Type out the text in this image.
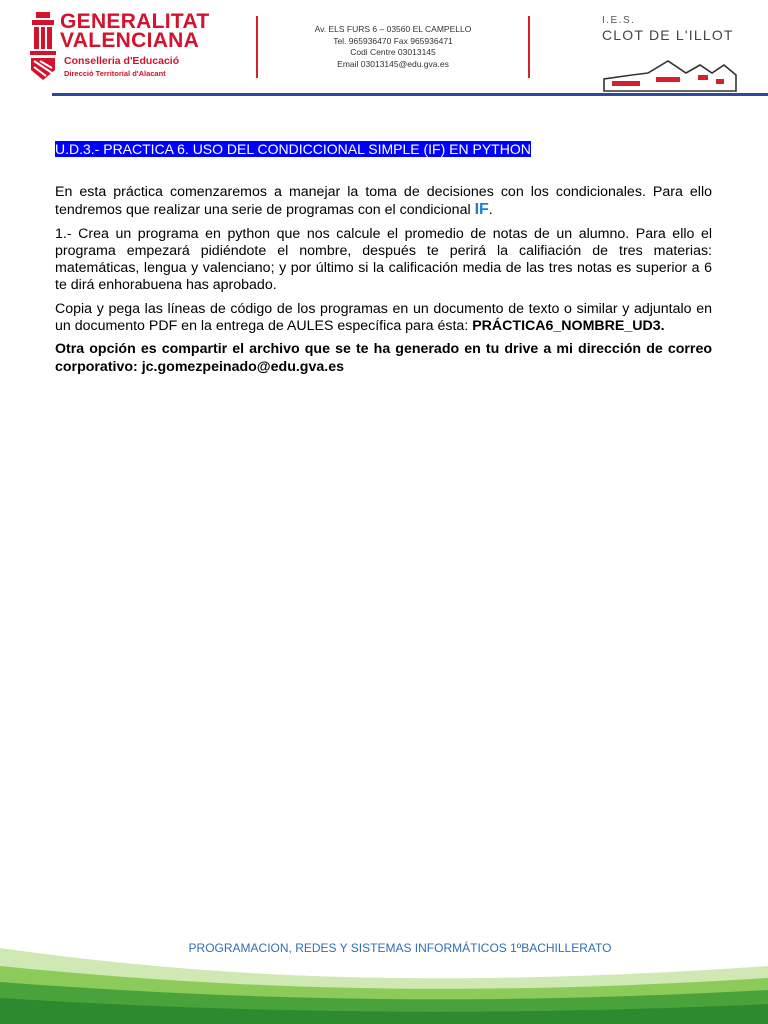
GENERALITAT
VALENCIANA
Conselleria d'Educació
Direcció Territorial d'Alacant
Av. ELS FURS 6 – 03560 EL CAMPELLO
Tel. 965936470 Fax 965936471
Codi Centre 03013145
Email 03013145@edu.gva.es
I.E.S.
CLOT DE L'ILLOT
U.D.3.- PRACTICA 6. USO DEL CONDICCIONAL SIMPLE (IF) EN PYTHON

En esta práctica comenzaremos a manejar la toma de decisiones con los condicionales. Para ello tendremos que realizar una serie de programas con el condicional IF.

1.- Crea un programa en python que nos calcule el promedio de notas de un alumno. Para ello el programa empezará pidiéndote el nombre, después te perirá la califiación de tres materias: matemáticas, lengua y valenciano; y por último si la calificación media de las tres notas es superior a 6 te dirá enhorabuena has aprobado.

Copia y pega las líneas de código de los programas en un documento de texto o similar y adjuntalo en un documento PDF en la entrega de AULES específica para ésta: PRÁCTICA6_NOMBRE_UD3.

Otra opción es compartir el archivo que se te ha generado en tu drive a mi dirección de correo corporativo: jc.gomezpeinado@edu.gva.es

PROGRAMACION, REDES Y SISTEMAS INFORMÁTICOS 1ºBACHILLERATO
